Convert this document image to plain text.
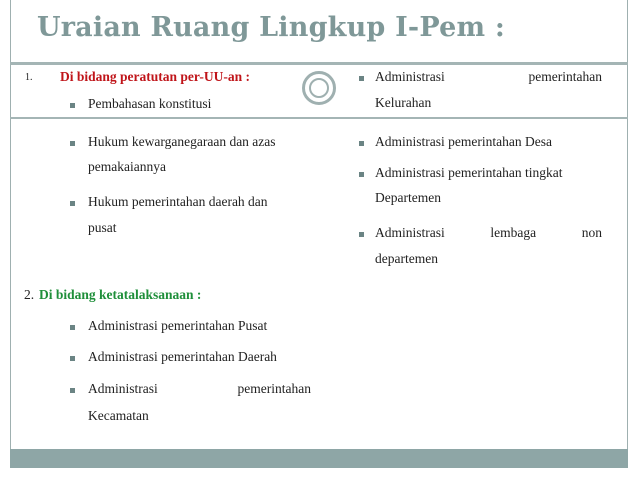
Uraian Ruang Lingkup I-Pem :
1. Di bidang peratutan per-UU-an :
Pembahasan konstitusi
Hukum kewarganegaraan dan azas
pemakaiannya
Hukum pemerintahan daerah dan
pusat
2. Di bidang ketatalaksanaan :
Administrasi pemerintahan Pusat
Administrasi pemerintahan Daerah
Administrasi	pemerintahan
Kecamatan
Administrasi	pemerintahan
Kelurahan
Administrasi pemerintahan Desa
Administrasi pemerintahan tingkat
Departemen
Administrasi	lembaga	non
departemen
